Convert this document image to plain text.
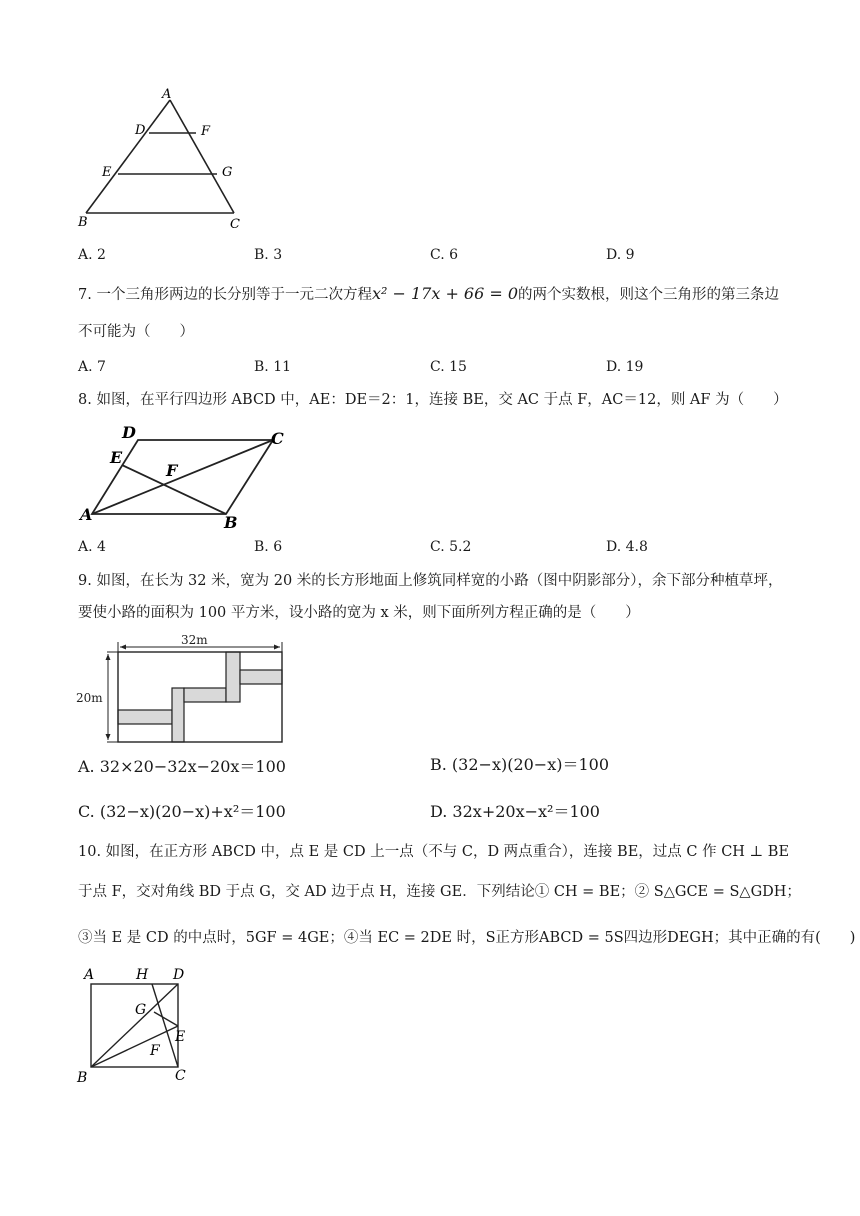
A
D	F
E	G
B	C
A. 2	B. 3	C. 6	D. 9
7. 一个三角形两边的长分别等于一元二次方程x² − 17x + 66 = 0的两个实数根，则这个三角形的第三条边
不可能为（　　）
A. 7	B. 11	C. 15	D. 19
8. 如图，在平行四边形 ABCD 中，AE：DE＝2：1，连接 BE，交 AC 于点 F，AC＝12，则 AF 为（　　）
D	C
E
F
A	B
A. 4	B. 6	C. 5.2	D. 4.8
9. 如图，在长为 32 米，宽为 20 米的长方形地面上修筑同样宽的小路（图中阴影部分），余下部分种植草坪，
要使小路的面积为 100 平方米，设小路的宽为 x 米，则下面所列方程正确的是（　　）
32m
20m
A. 32×20−32x−20x＝100	B. (32−x)(20−x)＝100
C. (32−x)(20−x)+x²＝100	D. 32x+20x−x²＝100
10. 如图，在正方形 ABCD 中，点 E 是 CD 上一点（不与 C，D 两点重合），连接 BE，过点 C 作 CH ⊥ BE
于点 F，交对角线 BD 于点 G，交 AD 边于点 H，连接 GE．下列结论① CH = BE；② S△GCE = S△GDH；
③当 E 是 CD 的中点时，5GF = 4GE；④当 EC = 2DE 时，S正方形ABCD = 5S四边形DEGH；其中正确的有(　　)
A	H D
G
E
F
B	C
